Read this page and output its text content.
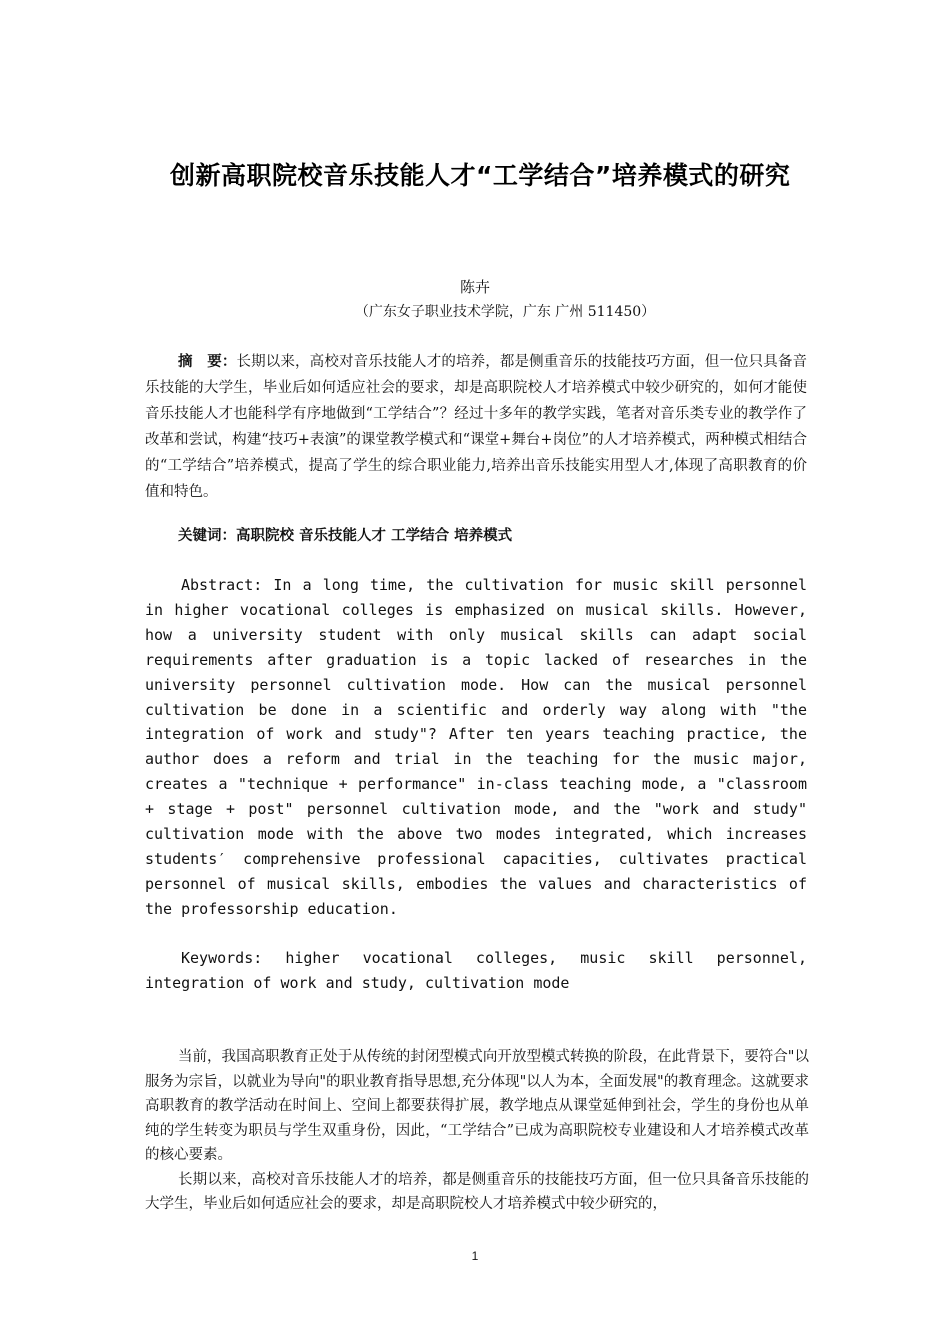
创新高职院校音乐技能人才“工学结合”培养模式的研究
陈卉
（广东女子职业技术学院，广东 广州 511450）
摘　要：长期以来，高校对音乐技能人才的培养，都是侧重音乐的技能技巧方面，但一位只具备音乐技能的大学生，毕业后如何适应社会的要求，却是高职院校人才培养模式中较少研究的，如何才能使音乐技能人才也能科学有序地做到“工学结合”？经过十多年的教学实践，笔者对音乐类专业的教学作了改革和尝试，构建“技巧+表演”的课堂教学模式和“课堂+舞台+岗位”的人才培养模式，两种模式相结合的“工学结合”培养模式，提高了学生的综合职业能力,培养出音乐技能实用型人才,体现了高职教育的价值和特色。
关键词：高职院校 音乐技能人才 工学结合 培养模式
Abstract: In a long time, the cultivation for music skill personnel in higher vocational colleges is emphasized on musical skills. However, how a university student with only musical skills can adapt social requirements after graduation is a topic lacked of researches in the university personnel cultivation mode. How can the musical personnel cultivation be done in a scientific and orderly way along with "the integration of work and study"? After ten years teaching practice, the author does a reform and trial in the teaching for the music major, creates a "technique + performance" in-class teaching mode, a "classroom + stage + post" personnel cultivation mode, and the "work and study" cultivation mode with the above two modes integrated, which increases students′ comprehensive professional capacities, cultivates practical personnel of musical skills, embodies the values and characteristics of the professorship education.
Keywords: higher vocational colleges, music skill personnel, integration of work and study, cultivation mode

当前，我国高职教育正处于从传统的封闭型模式向开放型模式转换的阶段，在此背景下，要符合"以服务为宗旨，以就业为导向"的职业教育指导思想,充分体现"以人为本，全面发展"的教育理念。这就要求高职教育的教学活动在时间上、空间上都要获得扩展，教学地点从课堂延伸到社会，学生的身份也从单纯的学生转变为职员与学生双重身份，因此，“工学结合”已成为高职院校专业建设和人才培养模式改革的核心要素。

长期以来，高校对音乐技能人才的培养，都是侧重音乐的技能技巧方面，但一位只具备音乐技能的大学生，毕业后如何适应社会的要求，却是高职院校人才培养模式中较少研究的，

1
